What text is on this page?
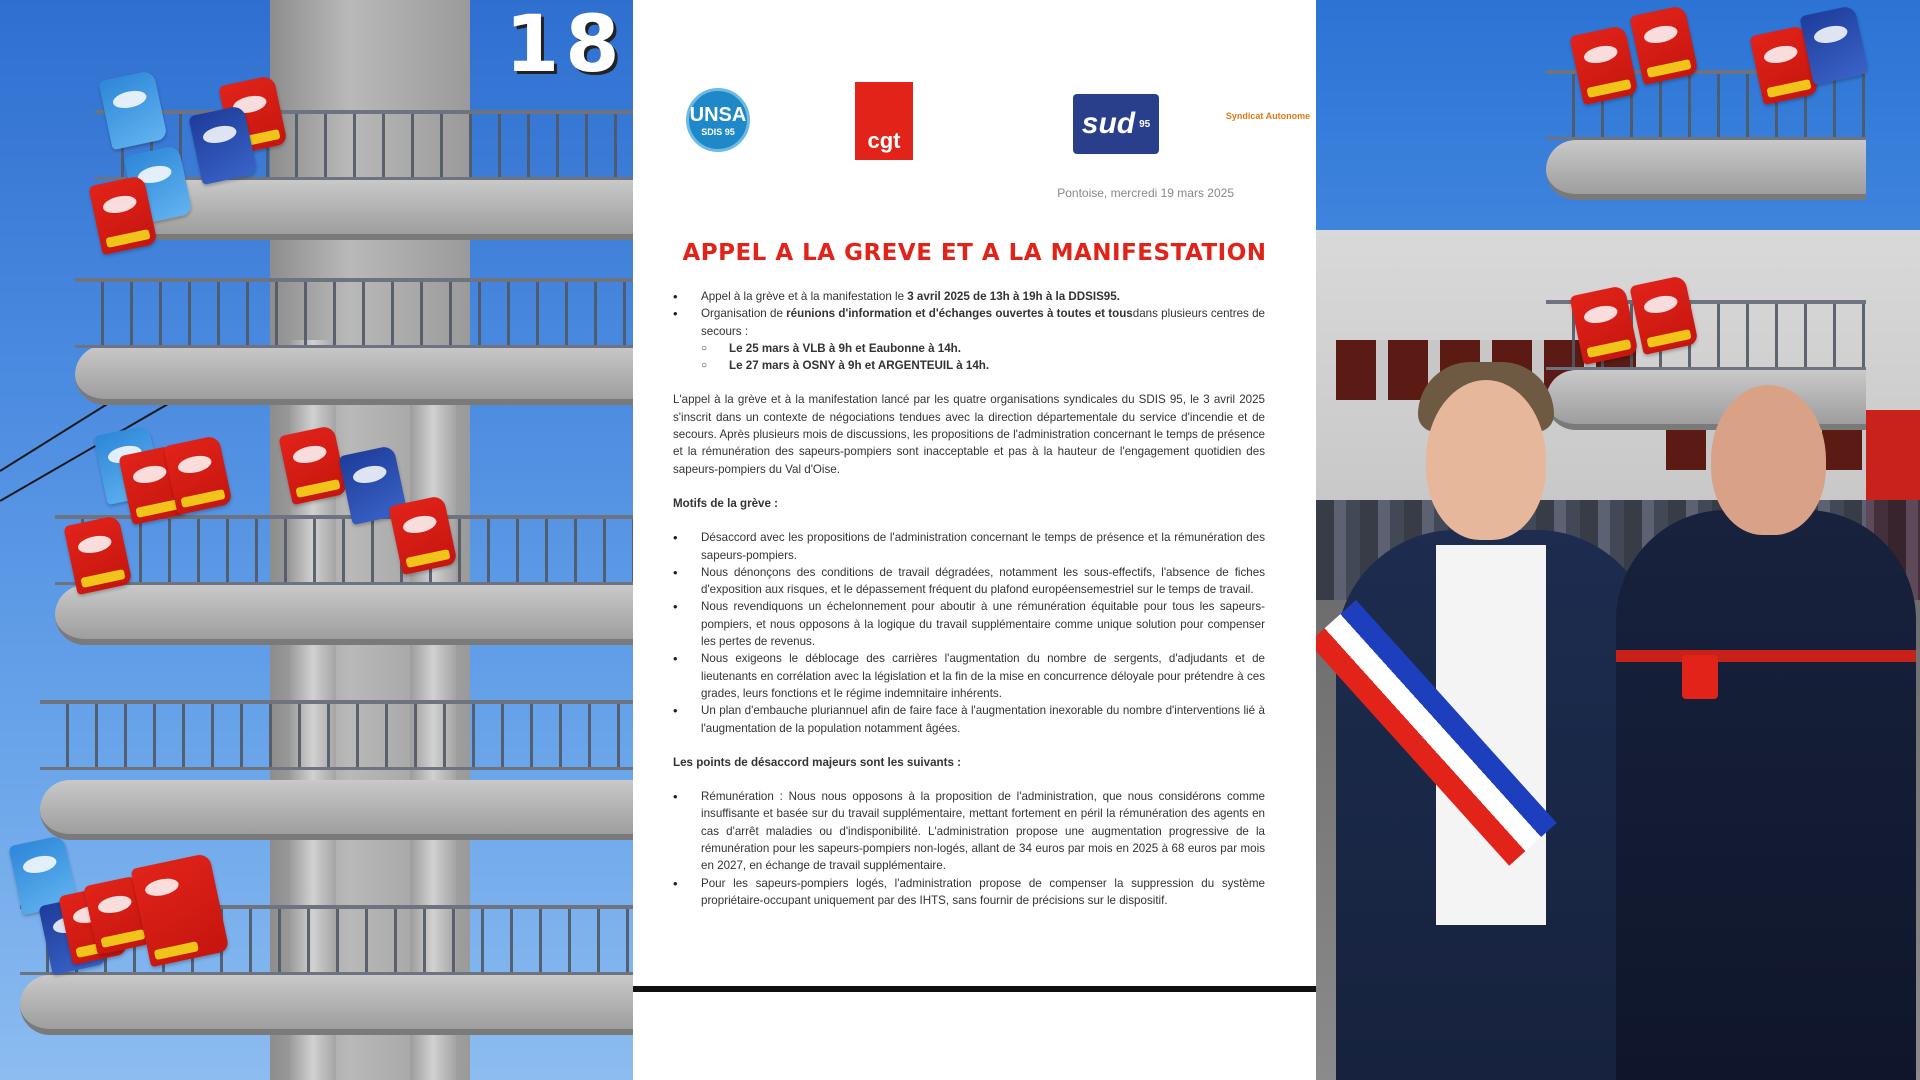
18
UNSA
SDIS 95	cgt
sud 95
Syndicat Autonome
Pontoise, mercredi 19 mars 2025
APPEL A LA GREVE ET A LA MANIFESTATION
• Appel à la grève et à la manifestation le 3 avril 2025 de 13h à 19h à la DDSIS95.
• Organisation de réunions d'information et d'échanges ouvertes à toutes et tousdans plusieurs centres de secours :
○ Le 25 mars à VLB à 9h et Eaubonne à 14h.
○ Le 27 mars à OSNY à 9h et ARGENTEUIL à 14h.

L'appel à la grève et à la manifestation lancé par les quatre organisations syndicales du SDIS 95, le 3 avril 2025 s'inscrit dans un contexte de négociations tendues avec la direction départementale du service d'incendie et de secours. Après plusieurs mois de discussions, les propositions de l'administration concernant le temps de présence et la rémunération des sapeurs-pompiers sont inacceptable et pas à la hauteur de l'engagement quotidien des sapeurs-pompiers du Val d'Oise.

Motifs de la grève :

• Désaccord avec les propositions de l'administration concernant le temps de présence et la rémunération des sapeurs-pompiers.
• Nous dénonçons des conditions de travail dégradées, notamment les sous-effectifs, l'absence de fiches d'exposition aux risques, et le dépassement fréquent du plafond européensemestriel sur le temps de travail.
• Nous revendiquons un échelonnement pour aboutir à une rémunération équitable pour tous les sapeurs-pompiers, et nous opposons à la logique du travail supplémentaire comme unique solution pour compenser les pertes de revenus.
• Nous exigeons le déblocage des carrières l'augmentation du nombre de sergents, d'adjudants et de lieutenants en corrélation avec la législation et la fin de la mise en concurrence déloyale pour prétendre à ces grades, leurs fonctions et le régime indemnitaire inhérents.
• Un plan d'embauche pluriannuel afin de faire face à l'augmentation inexorable du nombre d'interventions lié à l'augmentation de la population notamment âgées.

Les points de désaccord majeurs sont les suivants :

• Rémunération : Nous nous opposons à la proposition de l'administration, que nous considérons comme insuffisante et basée sur du travail supplémentaire, mettant fortement en péril la rémunération des agents en cas d'arrêt maladies ou d'indisponibilité. L'administration propose une augmentation progressive de la rémunération pour les sapeurs-pompiers non-logés, allant de 34 euros par mois en 2025 à 68 euros par mois en 2027, en échange de travail supplémentaire.
• Pour les sapeurs-pompiers logés, l'administration propose de compenser la suppression du système propriétaire-occupant uniquement par des IHTS, sans fournir de précisions sur le dispositif.
